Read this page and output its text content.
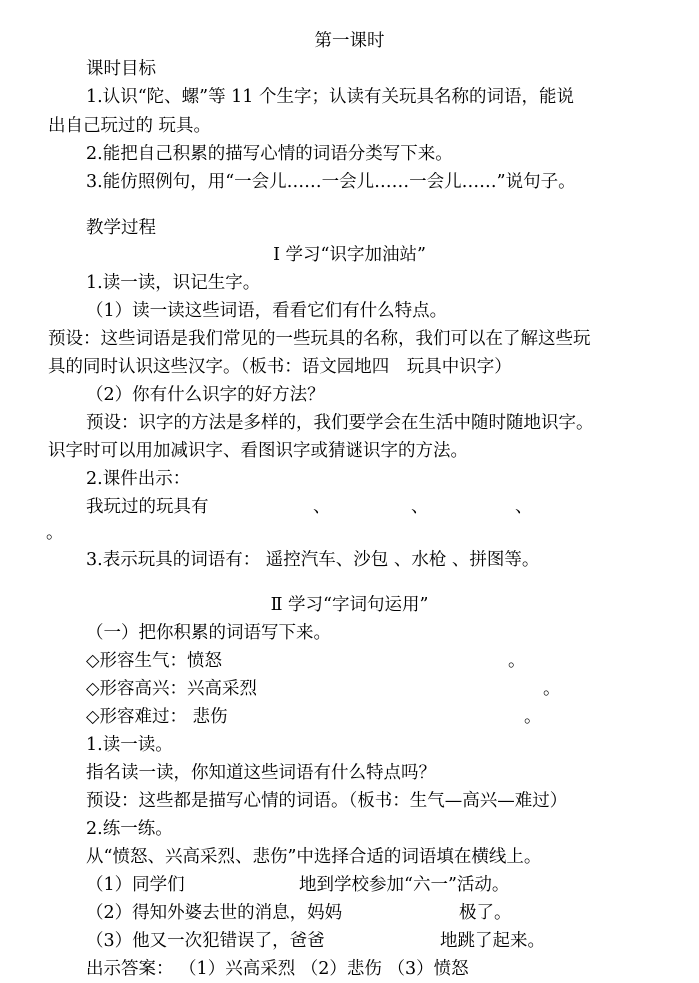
第一课时
课时目标
1.认识“陀、螺”等 11 个生字；认读有关玩具名称的词语，能说
出自己玩过的 玩具。
2.能把自己积累的描写心情的词语分类写下来。
3.能仿照例句，用“一会儿……一会儿……一会儿……”说句子。
教学过程
Ⅰ 学习“识字加油站”
1.读一读，识记生字。
（1）读一读这些词语，看看它们有什么特点。
预设：这些词语是我们常见的一些玩具的名称，我们可以在了解这些玩
具的同时认识这些汉字。（板书：语文园地四　玩具中识字）
（2）你有什么识字的好方法？
预设：识字的方法是多样的，我们要学会在生活中随时随地识字。
识字时可以用加减识字、看图识字或猜谜识字的方法。
2.课件出示：
我玩过的玩具有	、	、	、
。
3.表示玩具的词语有： 遥控汽车、沙包 、水枪 、拼图等。
Ⅱ 学习“字词句运用”
（一）把你积累的词语写下来。
◇形容生气：愤怒	。
◇形容高兴：兴高采烈	。
◇形容难过： 悲伤	。
1.读一读。
指名读一读，你知道这些词语有什么特点吗？
预设：这些都是描写心情的词语。（板书：生气—高兴—难过）
2.练一练。
从“愤怒、兴高采烈、悲伤”中选择合适的词语填在横线上。
（1）同学们	地到学校参加“六一”活动。
（2）得知外婆去世的消息，妈妈	极了。
（3）他又一次犯错误了，爸爸	地跳了起来。
出示答案： （1）兴高采烈 （2）悲伤 （3）愤怒
